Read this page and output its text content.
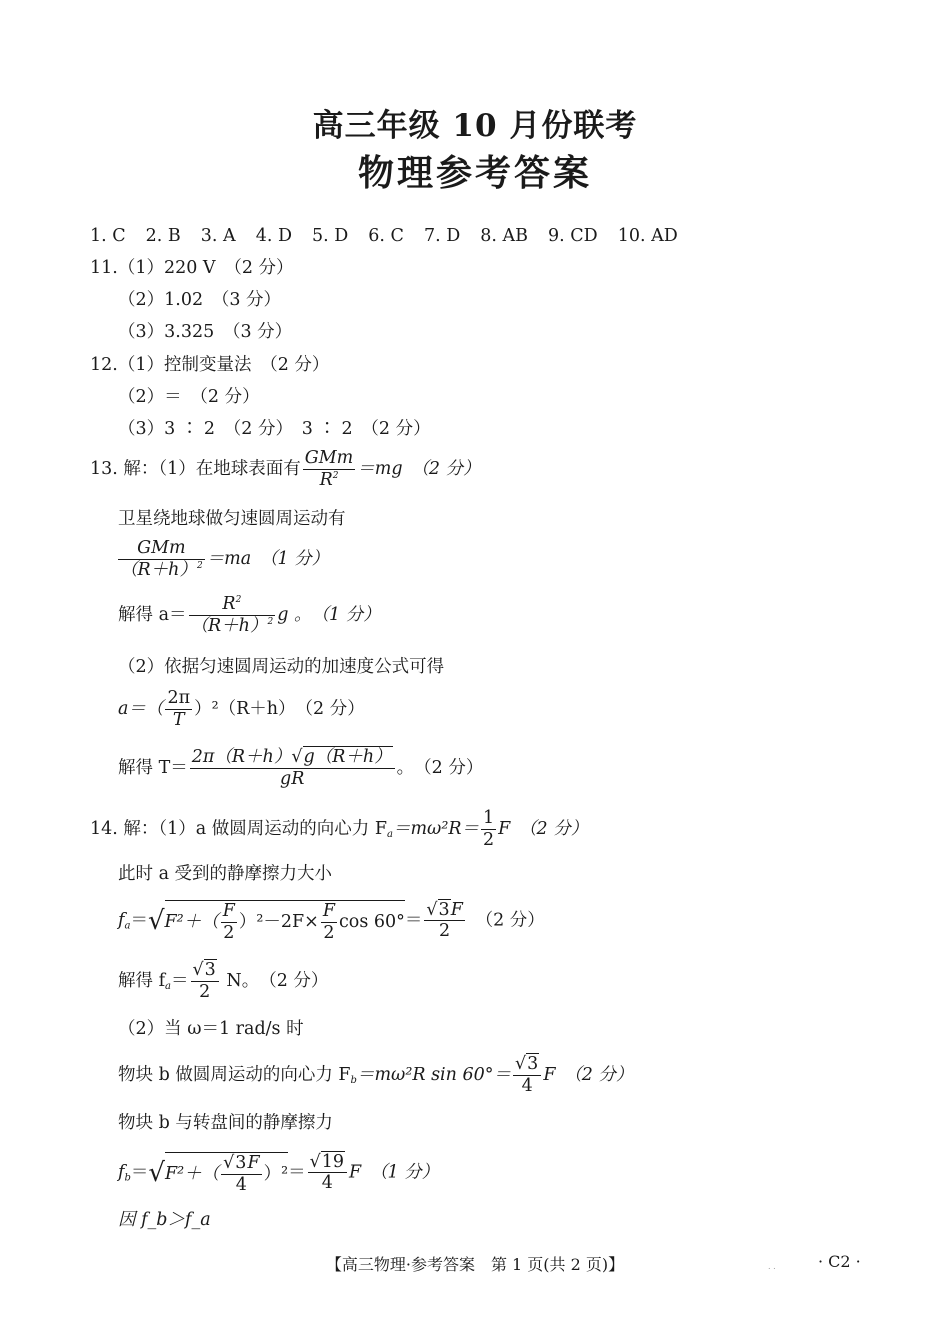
高三年级 10 月份联考
物理参考答案
1. C 2. B 3. A 4. D 5. D 6. C 7. D 8. AB 9. CD 10. AD
11.（1）220 V　（2 分）
（2）1.02　（3 分）
（3）3.325　（3 分）
12.（1）控制变量法　（2 分）
（2）＝　（2 分）
（3）3 ∶ 2　（2 分）　3 ∶ 2　（2 分）
13. 解：（1）在地球表面有 $\frac{\text{GMm}}{R^2} =mg$　（2 分）
卫星绕地球做匀速圆周运动有
$\frac{\text{GMm}}{(R+h)^2} =ma$　（1 分）
解得 $a= \frac{R^2}{(R+h)^2}$ g 。　（1 分）
（2）依据匀速圆周运动的加速度公式可得
$a=( \frac{2\pi}{T} )^2(R+h)$　（2 分）
解得 $T= \frac{2\pi(R+h)√g(R+h)}{gR}$ 。　（2 分）
14. 解：（1）a 做圆周运动的向心力 $F_a=m\omega^2R= \frac{1}{2}$ F　（2 分）
此时 a 受到的静摩擦力大小
$f_a=√F^2+( \frac{F}{2} )^2-2F\times \frac{F}{2}$ $\cos 60^\circ= \frac{√3F}{2}$
　 （2 分）
解得 $f_a= \frac{√3}{2}$ N。　（2 分）
（2）当 ω＝1 rad/s 时
物块 b 做圆周运动的向心力 $F_b=m\omega^2R$ $\sin 60^\circ= \frac{√3}{4}$ F　（2 分）
物块 b 与转盘间的静摩擦力
$f_b=√F^2+( \frac{√3F}{4} )^2= \frac{√19}{4}$ F　（1 分）
因 f_b＞f_a
【高三物理·参考答案　第 1 页(共 2 页)】	. .	· C2 ·
